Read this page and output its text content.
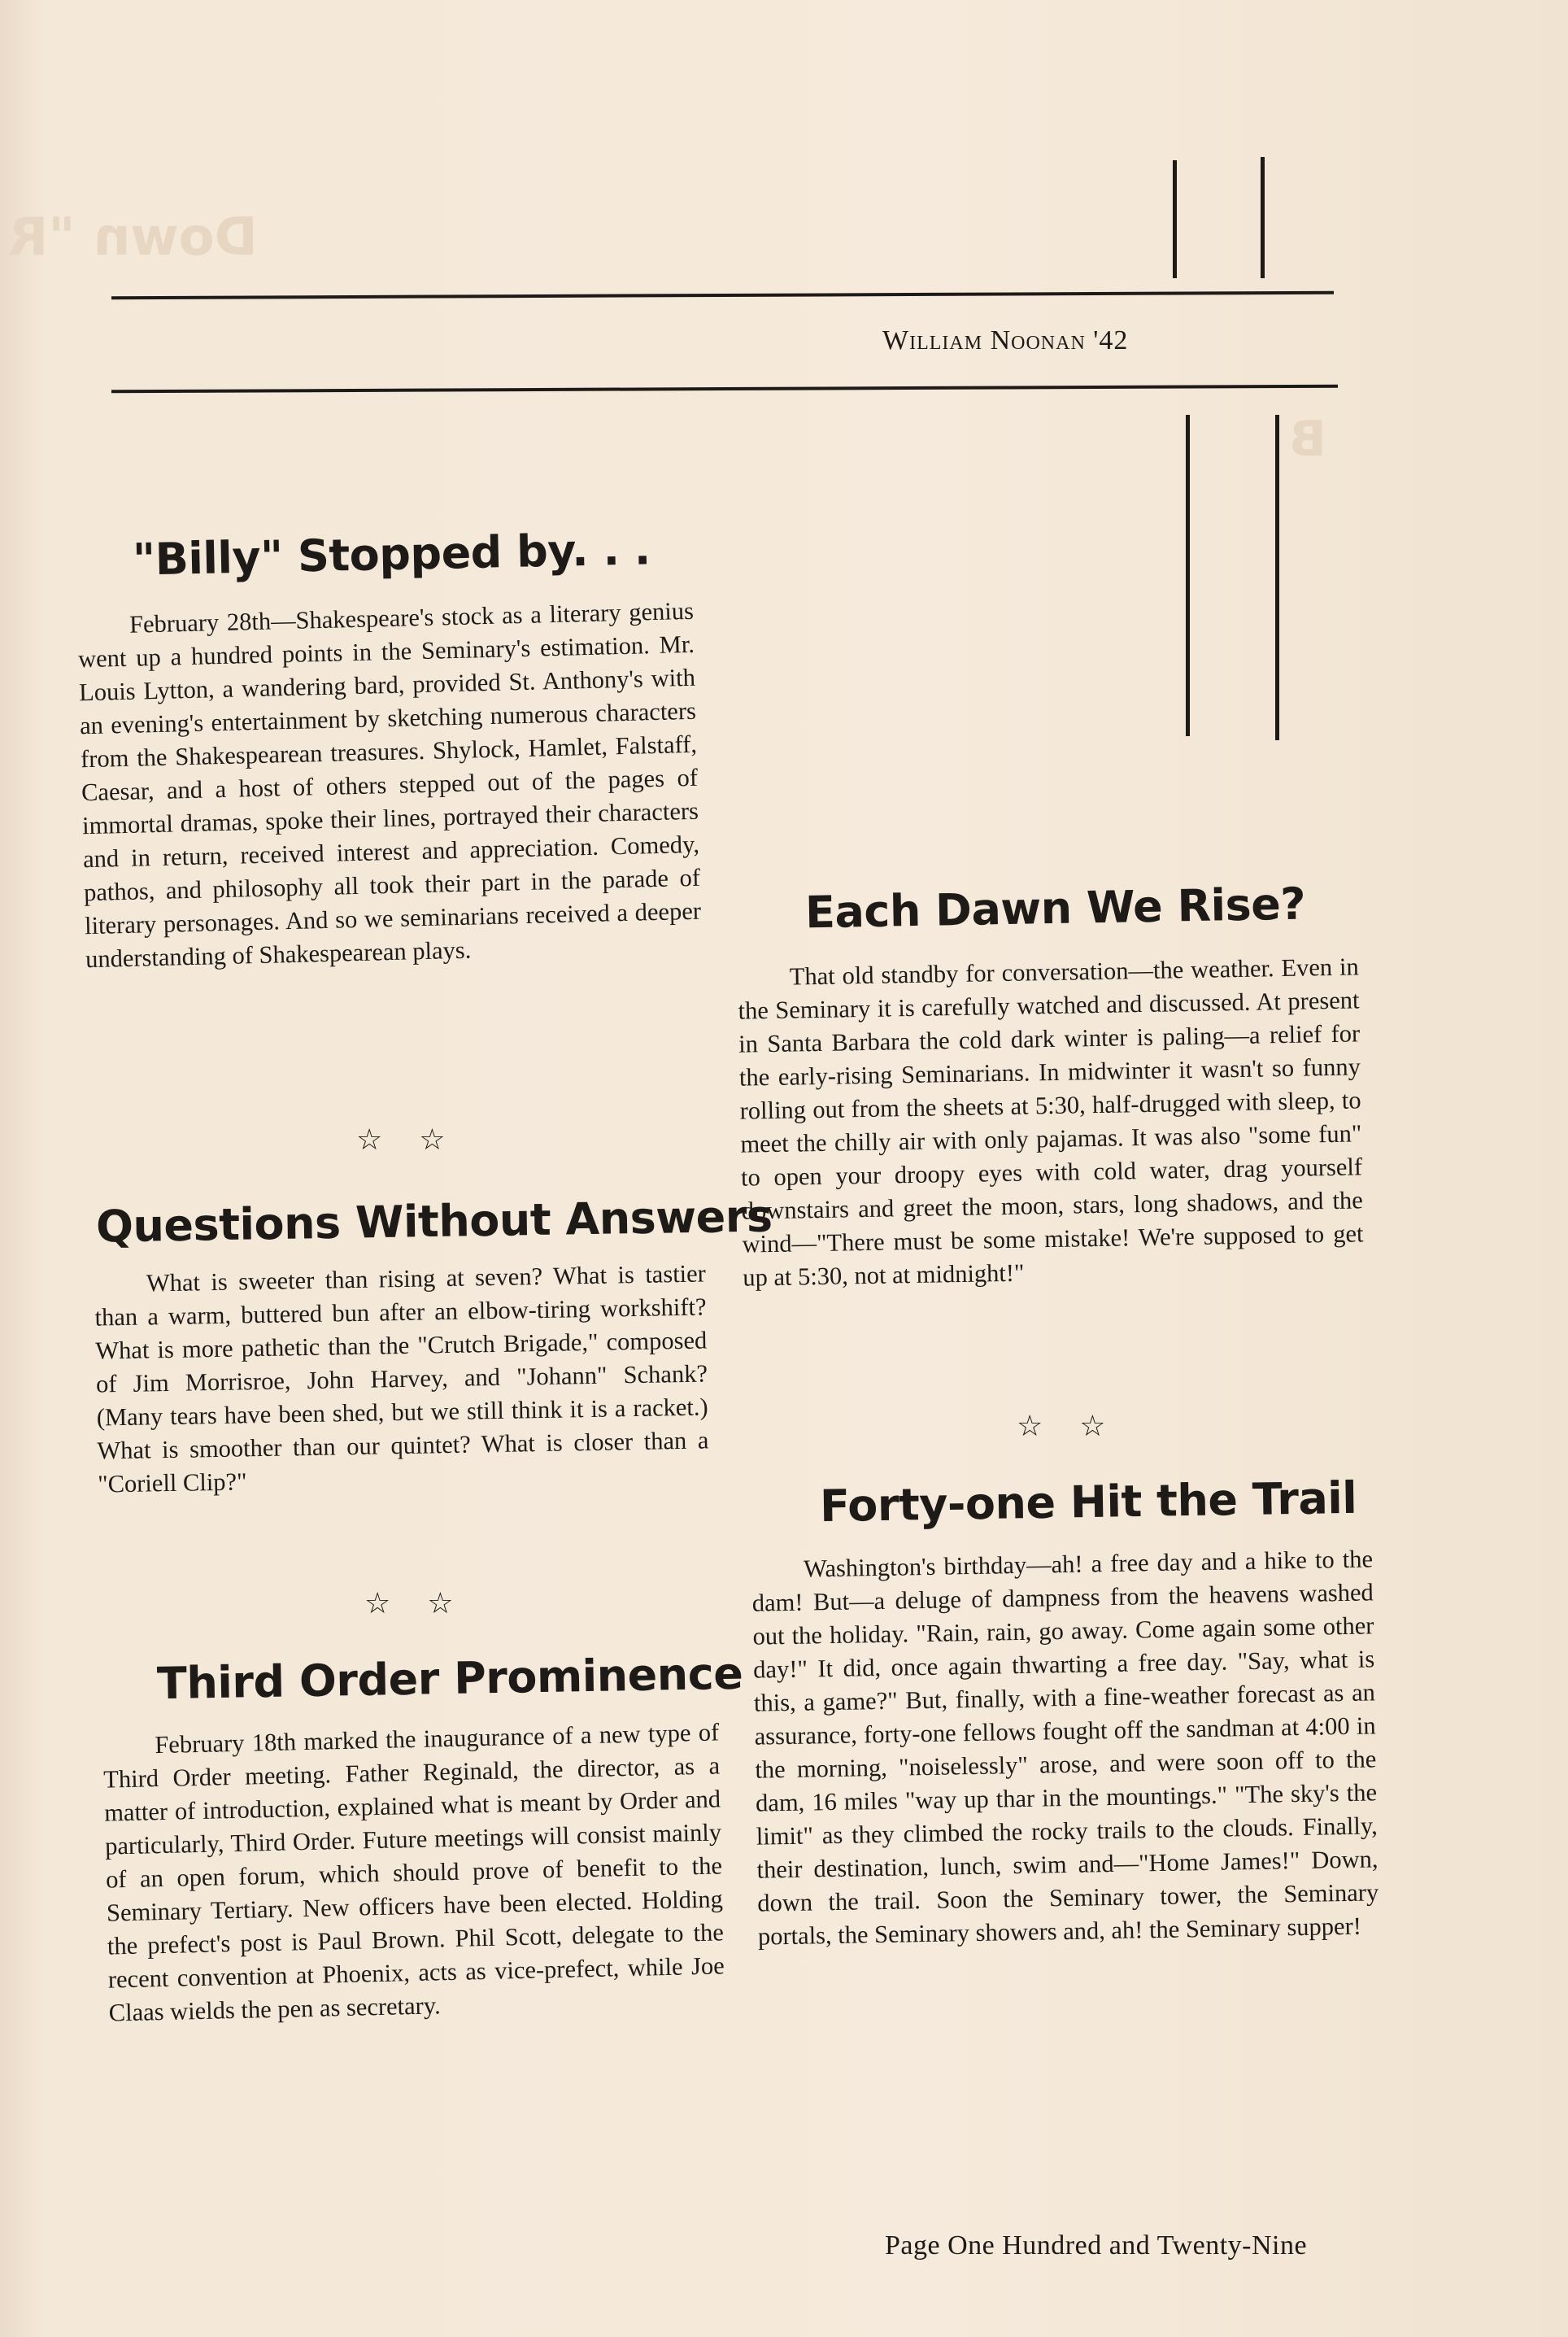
Down "R
B
William Noonan '42
"Billy" Stopped by. . .

February 28th—Shakespeare's stock as a literary genius went up a hundred points in the Seminary's estimation. Mr. Louis Lytton, a wandering bard, provided St. Anthony's with an evening's entertainment by sketching numerous characters from the Shakespearean treasures. Shylock, Hamlet, Falstaff, Caesar, and a host of others stepped out of the pages of immortal dramas, spoke their lines, portrayed their characters and in return, received interest and appreciation. Comedy, pathos, and philosophy all took their part in the parade of literary personages. And so we seminarians received a deeper understanding of Shakespearean plays.

☆ ☆
Questions Without Answers

What is sweeter than rising at seven? What is tastier than a warm, buttered bun after an elbow-tiring workshift? What is more pathetic than the "Crutch Brigade," composed of Jim Morrisroe, John Harvey, and "Johann" Schank? (Many tears have been shed, but we still think it is a racket.) What is smoother than our quintet? What is closer than a "Coriell Clip?"

☆ ☆
Third Order Prominence

February 18th marked the inaugurance of a new type of Third Order meeting. Father Reginald, the director, as a matter of introduction, explained what is meant by Order and particularly, Third Order. Future meetings will consist mainly of an open forum, which should prove of benefit to the Seminary Tertiary. New officers have been elected. Holding the prefect's post is Paul Brown. Phil Scott, delegate to the recent convention at Phoenix, acts as vice-prefect, while Joe Claas wields the pen as secretary.

Each Dawn We Rise?

That old standby for conversation—the weather. Even in the Seminary it is carefully watched and discussed. At present in Santa Barbara the cold dark winter is paling—a relief for the early-rising Seminarians. In midwinter it wasn't so funny rolling out from the sheets at 5:30, half-drugged with sleep, to meet the chilly air with only pajamas. It was also "some fun" to open your droopy eyes with cold water, drag yourself downstairs and greet the moon, stars, long shadows, and the wind—"There must be some mistake! We're supposed to get up at 5:30, not at midnight!"

☆ ☆
Forty-one Hit the Trail

Washington's birthday—ah! a free day and a hike to the dam! But—a deluge of dampness from the heavens washed out the holiday. "Rain, rain, go away. Come again some other day!" It did, once again thwarting a free day. "Say, what is this, a game?" But, finally, with a fine-weather forecast as an assurance, forty-one fellows fought off the sandman at 4:00 in the morning, "noiselessly" arose, and were soon off to the dam, 16 miles "way up thar in the mountings." "The sky's the limit" as they climbed the rocky trails to the clouds. Finally, their destination, lunch, swim and—"Home James!" Down, down the trail. Soon the Seminary tower, the Seminary portals, the Seminary showers and, ah! the Seminary supper!

Page One Hundred and Twenty-Nine
